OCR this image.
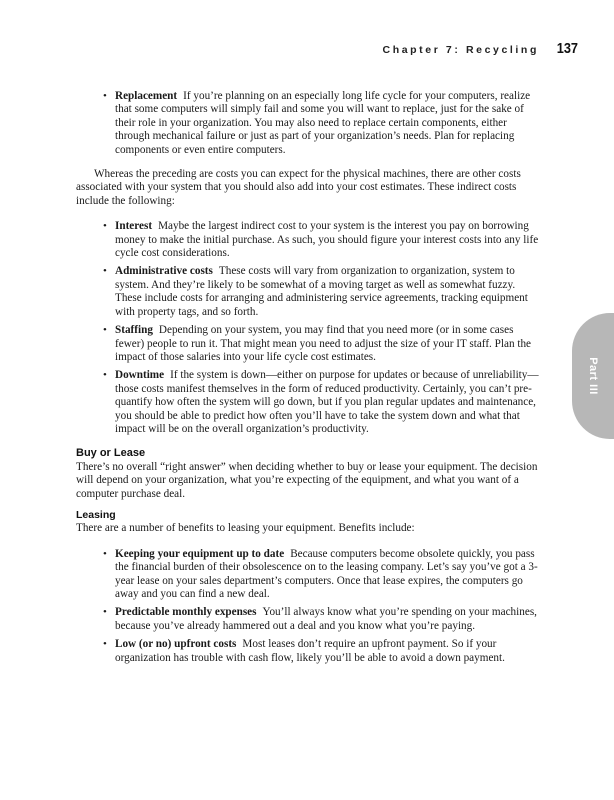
Chapter 7: Recycling 137
Part III
• Replacement If you’re planning on an especially long life cycle for your computers, realize that some computers will simply fail and some you will want to replace, just for the sake of their role in your organization. You may also need to replace certain components, either through mechanical failure or just as part of your organization’s needs. Plan for replacing components or even entire computers.

Whereas the preceding are costs you can expect for the physical machines, there are other costs associated with your system that you should also add into your cost estimates. These indirect costs include the following:

• Interest Maybe the largest indirect cost to your system is the interest you pay on borrowing money to make the initial purchase. As such, you should figure your interest costs into any life cycle cost considerations.
• Administrative costs These costs will vary from organization to organization, system to system. And they’re likely to be somewhat of a moving target as well as somewhat fuzzy. These include costs for arranging and administering service agreements, tracking equipment with property tags, and so forth.
• Staffing Depending on your system, you may find that you need more (or in some cases fewer) people to run it. That might mean you need to adjust the size of your IT staff. Plan the impact of those salaries into your life cycle cost estimates.
• Downtime If the system is down—either on purpose for updates or because of unreliability—those costs manifest themselves in the form of reduced productivity. Certainly, you can’t pre-quantify how often the system will go down, but if you plan regular updates and maintenance, you should be able to predict how often you’ll have to take the system down and what that impact will be on the overall organization’s productivity.
Buy or Lease

There’s no overall “right answer” when deciding whether to buy or lease your equipment. The decision will depend on your organization, what you’re expecting of the equipment, and what you want of a computer purchase deal.

Leasing

There are a number of benefits to leasing your equipment. Benefits include:

• Keeping your equipment up to date Because computers become obsolete quickly, you pass the financial burden of their obsolescence on to the leasing company. Let’s say you’ve got a 3-year lease on your sales department’s computers. Once that lease expires, the computers go away and you can find a new deal.
• Predictable monthly expenses You’ll always know what you’re spending on your machines, because you’ve already hammered out a deal and you know what you’re paying.
• Low (or no) upfront costs Most leases don’t require an upfront payment. So if your organization has trouble with cash flow, likely you’ll be able to avoid a down payment.
